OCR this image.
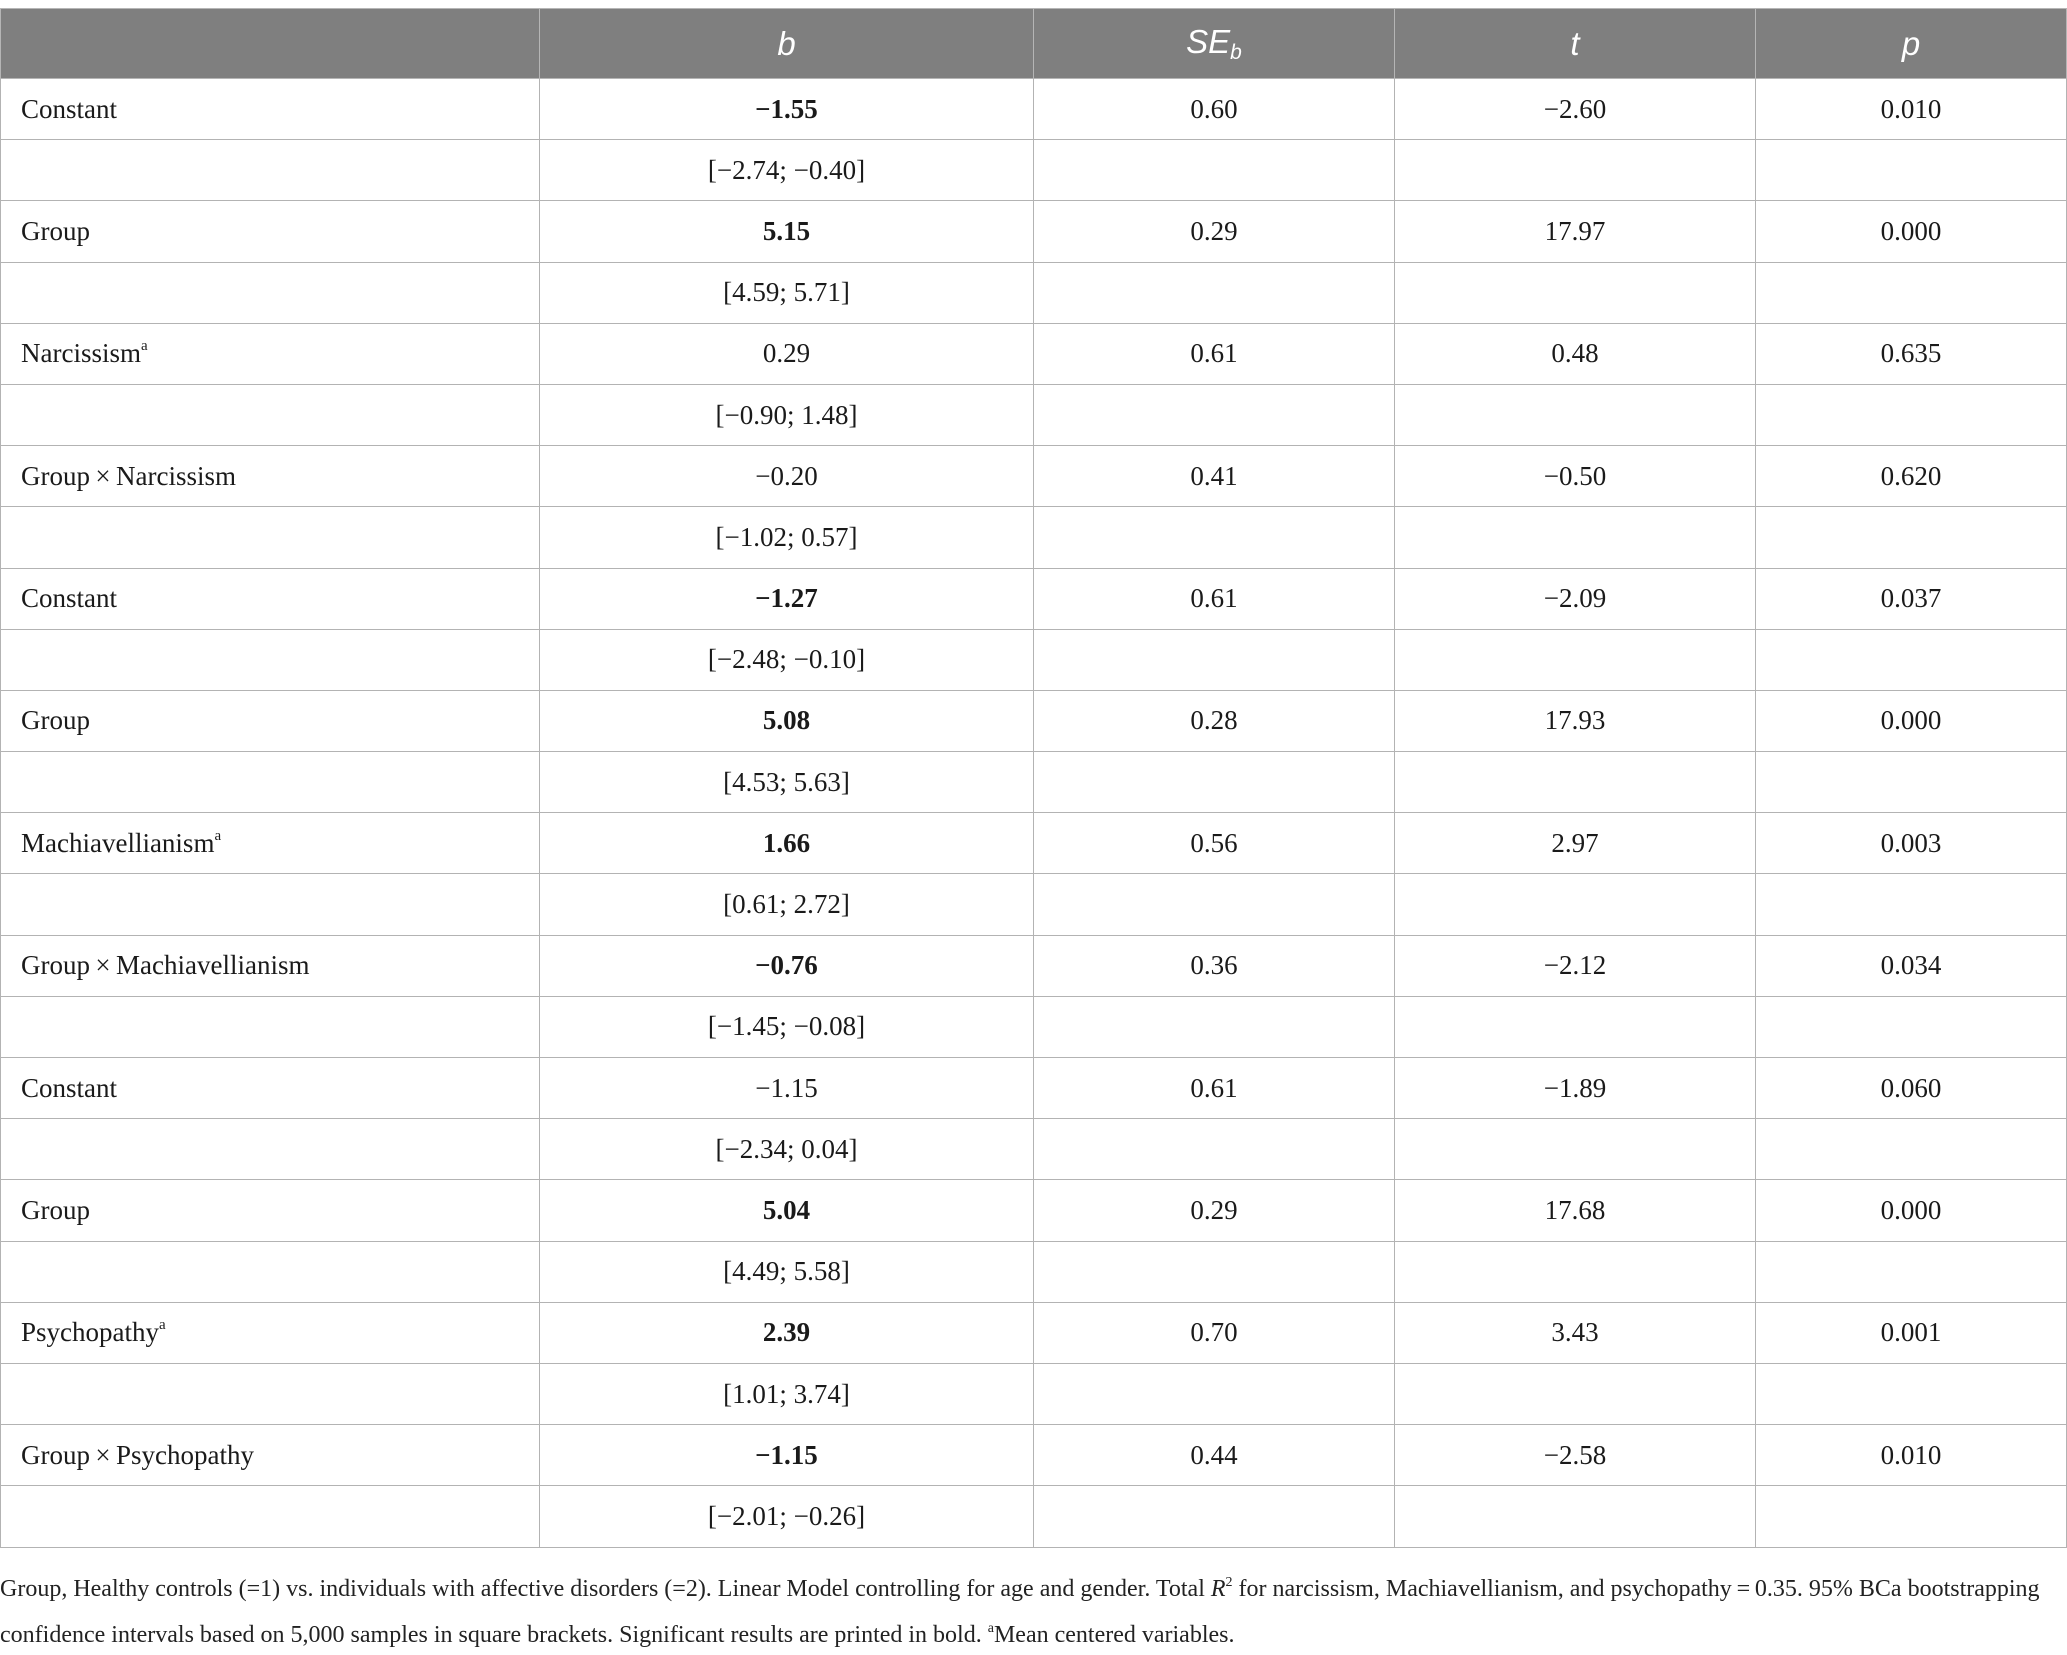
	b	$SE_b$	t	p
Constant	−1.55	0.60	−2.60	0.010
	[−2.74; −0.40]			
Group	5.15	0.29	17.97	0.000
	[4.59; 5.71]			
Narcissism$^a$	0.29	0.61	0.48	0.635
	[−0.90; 1.48]			
Group × Narcissism	−0.20	0.41	−0.50	0.620
	[−1.02; 0.57]			
Constant	−1.27	0.61	−2.09	0.037
	[−2.48; −0.10]			
Group	5.08	0.28	17.93	0.000
	[4.53; 5.63]			
Machiavellianism$^a$	1.66	0.56	2.97	0.003
	[0.61; 2.72]			
Group × Machiavellianism	−0.76	0.36	−2.12	0.034
	[−1.45; −0.08]			
Constant	−1.15	0.61	−1.89	0.060
	[−2.34; 0.04]			
Group	5.04	0.29	17.68	0.000
	[4.49; 5.58]			
Psychopathy$^a$	2.39	0.70	3.43	0.001
	[1.01; 3.74]			
Group × Psychopathy	−1.15	0.44	−2.58	0.010
	[−2.01; −0.26]			
Group, Healthy controls (=1) vs. individuals with affective disorders (=2). Linear Model controlling for age and gender. Total $R^2$ for narcissism, Machiavellianism, and psychopathy = 0.35. 95% BCa bootstrapping confidence intervals based on 5,000 samples in square brackets. Significant results are printed in bold. $^a$Mean centered variables.
